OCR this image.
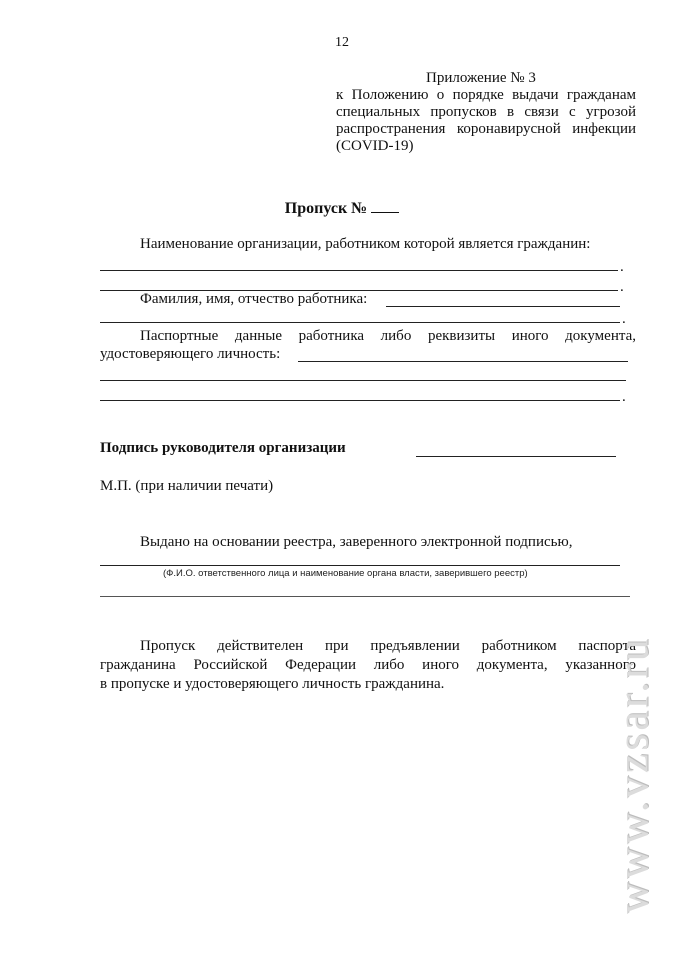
12
Приложение № 3
к Положению о порядке выдачи гражданам
специальных пропусков в связи с угрозой
распространения коронавирусной инфекции
(COVID-19)
Пропуск №
Наименование организации, работником которой является гражданин:
.
.
Фамилия, имя, отчество работника:
.
Паспортные данные работника либо реквизиты иного документа,
удостоверяющего личность:
.
Подпись руководителя организации
М.П. (при наличии печати)
Выдано на основании реестра, заверенного электронной подписью,
(Ф.И.О. ответственного лица и наименование органа власти, заверившего реестр)
Пропуск действителен при предъявлении работником паспорта
гражданина Российской Федерации либо иного документа, указанного
в пропуске и удостоверяющего личность гражданина.	www.vzsar.ru
